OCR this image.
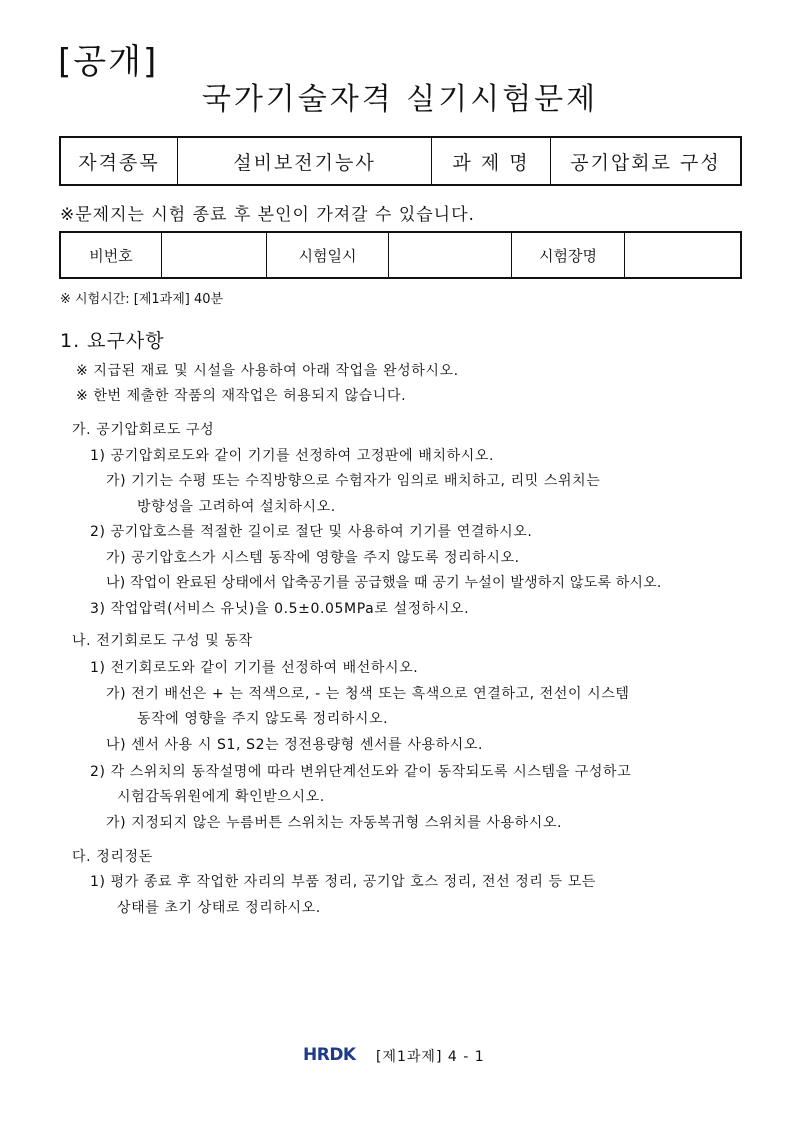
[공개]
국가기술자격 실기시험문제
자격종목	설비보전기능사	과 제 명	공기압회로 구성
※문제지는 시험 종료 후 본인이 가져갈 수 있습니다.
비번호		시험일시		시험장명	
※ 시험시간: [제1과제] 40분
1. 요구사항
※ 지급된 재료 및 시설을 사용하여 아래 작업을 완성하시오.
※ 한번 제출한 작품의 재작업은 허용되지 않습니다.
가. 공기압회로도 구성
1) 공기압회로도와 같이 기기를 선정하여 고정판에 배치하시오.
가) 기기는 수평 또는 수직방향으로 수험자가 임의로 배치하고, 리밋 스위치는
방향성을 고려하여 설치하시오.
2) 공기압호스를 적절한 길이로 절단 및 사용하여 기기를 연결하시오.
가) 공기압호스가 시스템 동작에 영향을 주지 않도록 정리하시오.
나) 작업이 완료된 상태에서 압축공기를 공급했을 때 공기 누설이 발생하지 않도록 하시오.
3) 작업압력(서비스 유닛)을 0.5±0.05MPa로 설정하시오.
나. 전기회로도 구성 및 동작
1) 전기회로도와 같이 기기를 선정하여 배선하시오.
가) 전기 배선은 + 는 적색으로, - 는 청색 또는 흑색으로 연결하고, 전선이 시스템
동작에 영향을 주지 않도록 정리하시오.
나) 센서 사용 시 S1, S2는 정전용량형 센서를 사용하시오.
2) 각 스위치의 동작설명에 따라 변위단계선도와 같이 동작되도록 시스템을 구성하고
시험감독위원에게 확인받으시오.
가) 지정되지 않은 누름버튼 스위치는 자동복귀형 스위치를 사용하시오.
다. 정리정돈
1) 평가 종료 후 작업한 자리의 부품 정리, 공기압 호스 정리, 전선 정리 등 모든
상태를 초기 상태로 정리하시오.
HRDK [제1과제] 4 - 1
